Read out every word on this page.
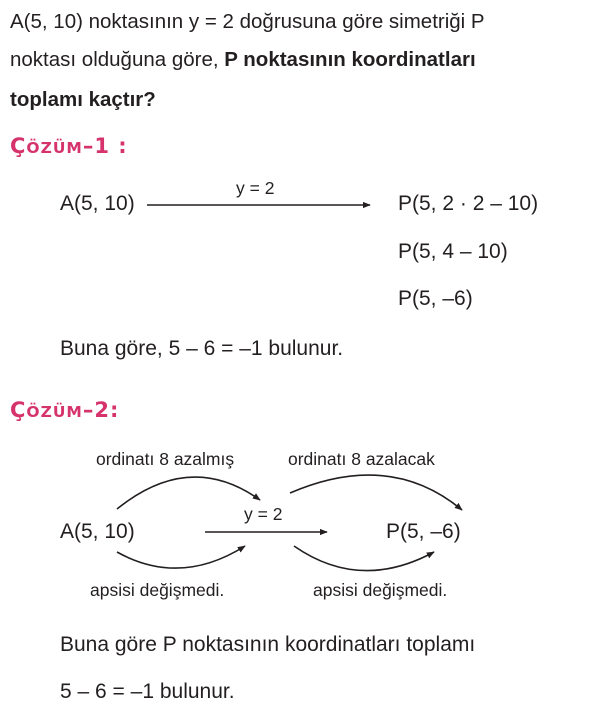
A(5, 10) noktasının y = 2 doğrusuna göre simetriği P
noktası olduğuna göre, P noktasının koordinatları
toplamı kaçtır?
ÇÖZÜM–1 :
A(5, 10)
y = 2
P(5, 2 · 2 – 10)
P(5, 4 – 10)
P(5, –6)
Buna göre, 5 – 6 = –1 bulunur.
ÇÖZÜM–2:
ordinatı 8 azalmış	ordinatı 8 azalacak
A(5, 10)
y = 2
P(5, –6)
apsisi değişmedi.	apsisi değişmedi.
Buna göre P noktasının koordinatları toplamı
5 – 6 = –1 bulunur.
